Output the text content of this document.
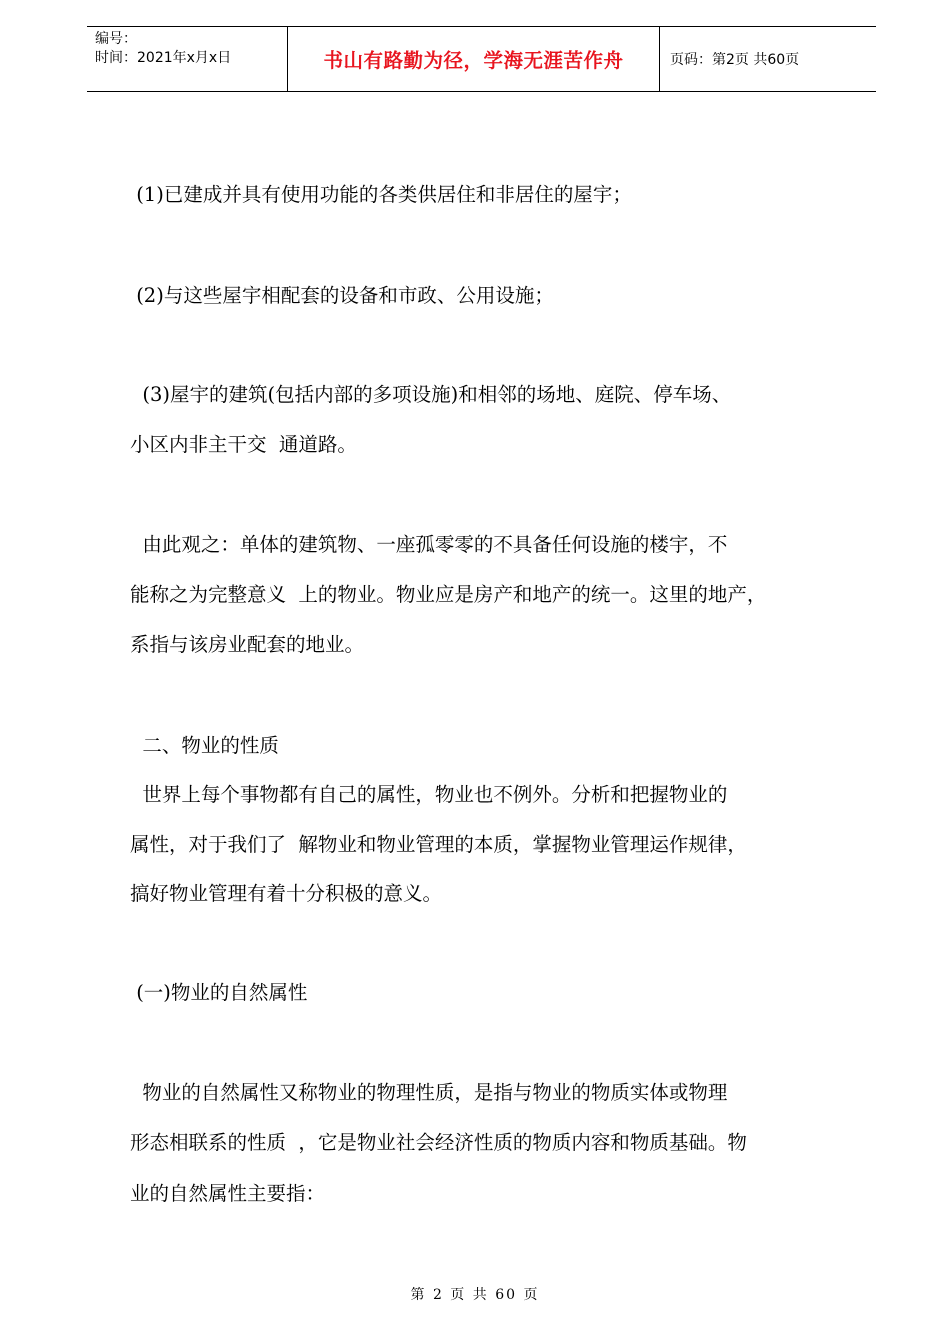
编号：
时间：2021年x月x日	书山有路勤为径，学海无涯苦作舟	页码：第2页 共60页
(1)已建成并具有使用功能的各类供居住和非居住的屋宇；
(2)与这些屋宇相配套的设备和市政、公用设施；
(3)屋宇的建筑(包括内部的多项设施)和相邻的场地、庭院、停车场、
小区内非主干交  通道路。
由此观之：单体的建筑物、一座孤零零的不具备任何设施的楼宇，不
能称之为完整意义  上的物业。物业应是房产和地产的统一。这里的地产，
系指与该房业配套的地业。
二、物业的性质
世界上每个事物都有自己的属性，物业也不例外。分析和把握物业的
属性，对于我们了  解物业和物业管理的本质，掌握物业管理运作规律，
搞好物业管理有着十分积极的意义。
(一)物业的自然属性
物业的自然属性又称物业的物理性质，是指与物业的物质实体或物理
形态相联系的性质  ，它是物业社会经济性质的物质内容和物质基础。物
业的自然属性主要指：
第 2 页 共 60 页
